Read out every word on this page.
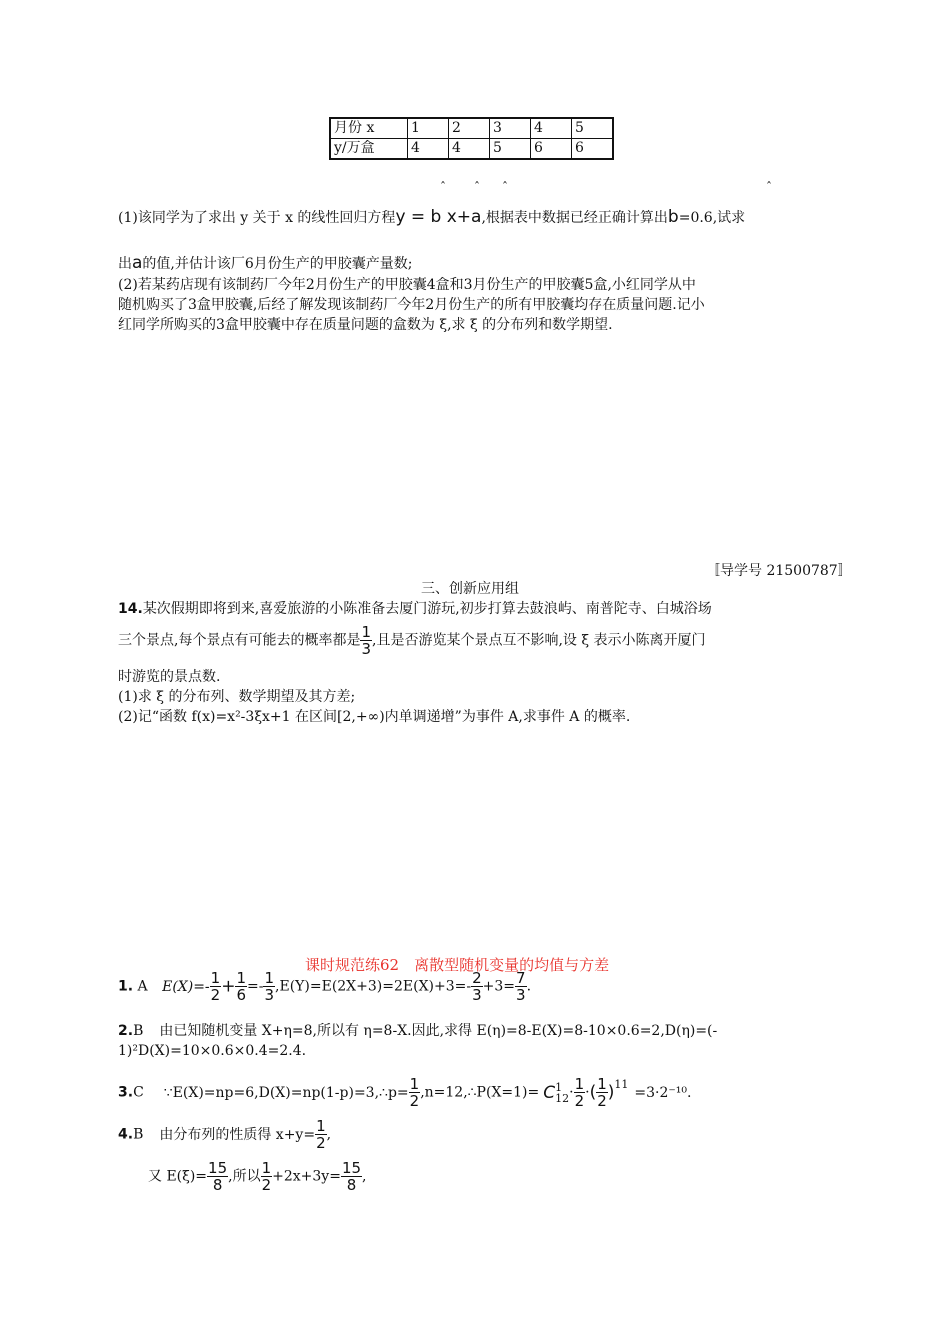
月份 x	1	2	3	4	5
y/万盒	4	4	5	6	6
ˆ ˆ ˆ	ˆ
(1)该同学为了求出 y 关于 x 的线性回归方程y = b x+a,根据表中数据已经正确计算出b=0.6,试求
出a的值,并估计该厂6月份生产的甲胶囊产量数;
(2)若某药店现有该制药厂今年2月份生产的甲胶囊4盒和3月份生产的甲胶囊5盒,小红同学从中
随机购买了3盒甲胶囊,后经了解发现该制药厂今年2月份生产的所有甲胶囊均存在质量问题.记小
红同学所购买的3盒甲胶囊中存在质量问题的盒数为 ξ,求 ξ 的分布列和数学期望.
〚导学号 21500787〛
三、创新应用组
14.某次假期即将到来,喜爱旅游的小陈准备去厦门游玩,初步打算去鼓浪屿、南普陀寺、白城浴场
三个景点,每个景点有可能去的概率都是 $\frac{1}{3}$ ,且是否游览某个景点互不影响,设 ξ 表示小陈离开厦门
时游览的景点数.
(1)求 ξ 的分布列、数学期望及其方差;
(2)记“函数 f(x)=x²-3ξx+1 在区间[2,+∞)内单调递增”为事件 A,求事件 A 的概率.
课时规范练62　离散型随机变量的均值与方差
1. A $E(X)=- \frac{1}{2} + \frac{1}{6} =- \frac{1}{3} ,E(Y)=E(2X+3)=2E(X)+3=- \frac{2}{3} +3= \frac{7}{3}$ .
2.B 由已知随机变量 X+η=8,所以有 η=8-X.因此,求得 E(η)=8-E(X)=8-10×0.6=2,D(η)=(-
1)²D(X)=10×0.6×0.4=2.4.
3.C ∵E(X)=np=6,D(X)=np(1-p)=3,∴p= $\frac{1}{2}$ ,n=12,∴P(X=1)= C 1
$12 \cdot \frac{1}{2}$ ·( $\frac{1}{2} )^{11} =3\cdot 2^{-10}$.
4.B 由分布列的性质得 $x+y= \frac{1}{2}$ ,
又 $E(\xi)= \frac{15}{8}$ ,所以 $\frac{1}{2} +2x+3y= \frac{15}{8}$ ,
